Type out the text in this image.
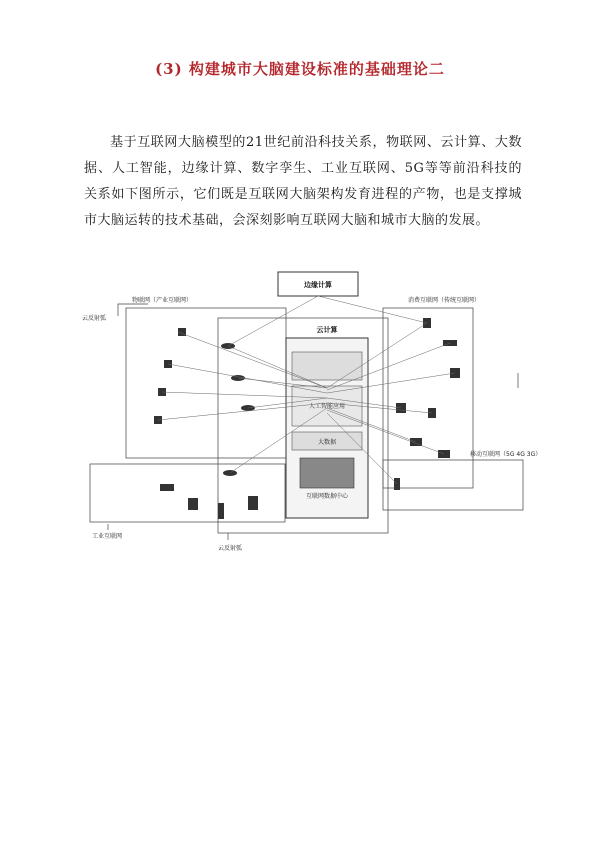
(3) 构建城市大脑建设标准的基础理论二

基于互联网大脑模型的21世纪前沿科技关系，物联网、云计算、大数据、人工智能，边缘计算、数字孪生、工业互联网、5G等等前沿科技的关系如下图所示，它们既是互联网大脑架构发育进程的产物，也是支撑城市大脑运转的技术基础，会深刻影响互联网大脑和城市大脑的发展。

边缘计算
云计算
人工智能应用
大数据
互联网数据中心
物联网（产业互联网）	消费互联网（传统互联网）
云反射弧
云反射弧
工业互联网
移动互联网（5G 4G 3G）
